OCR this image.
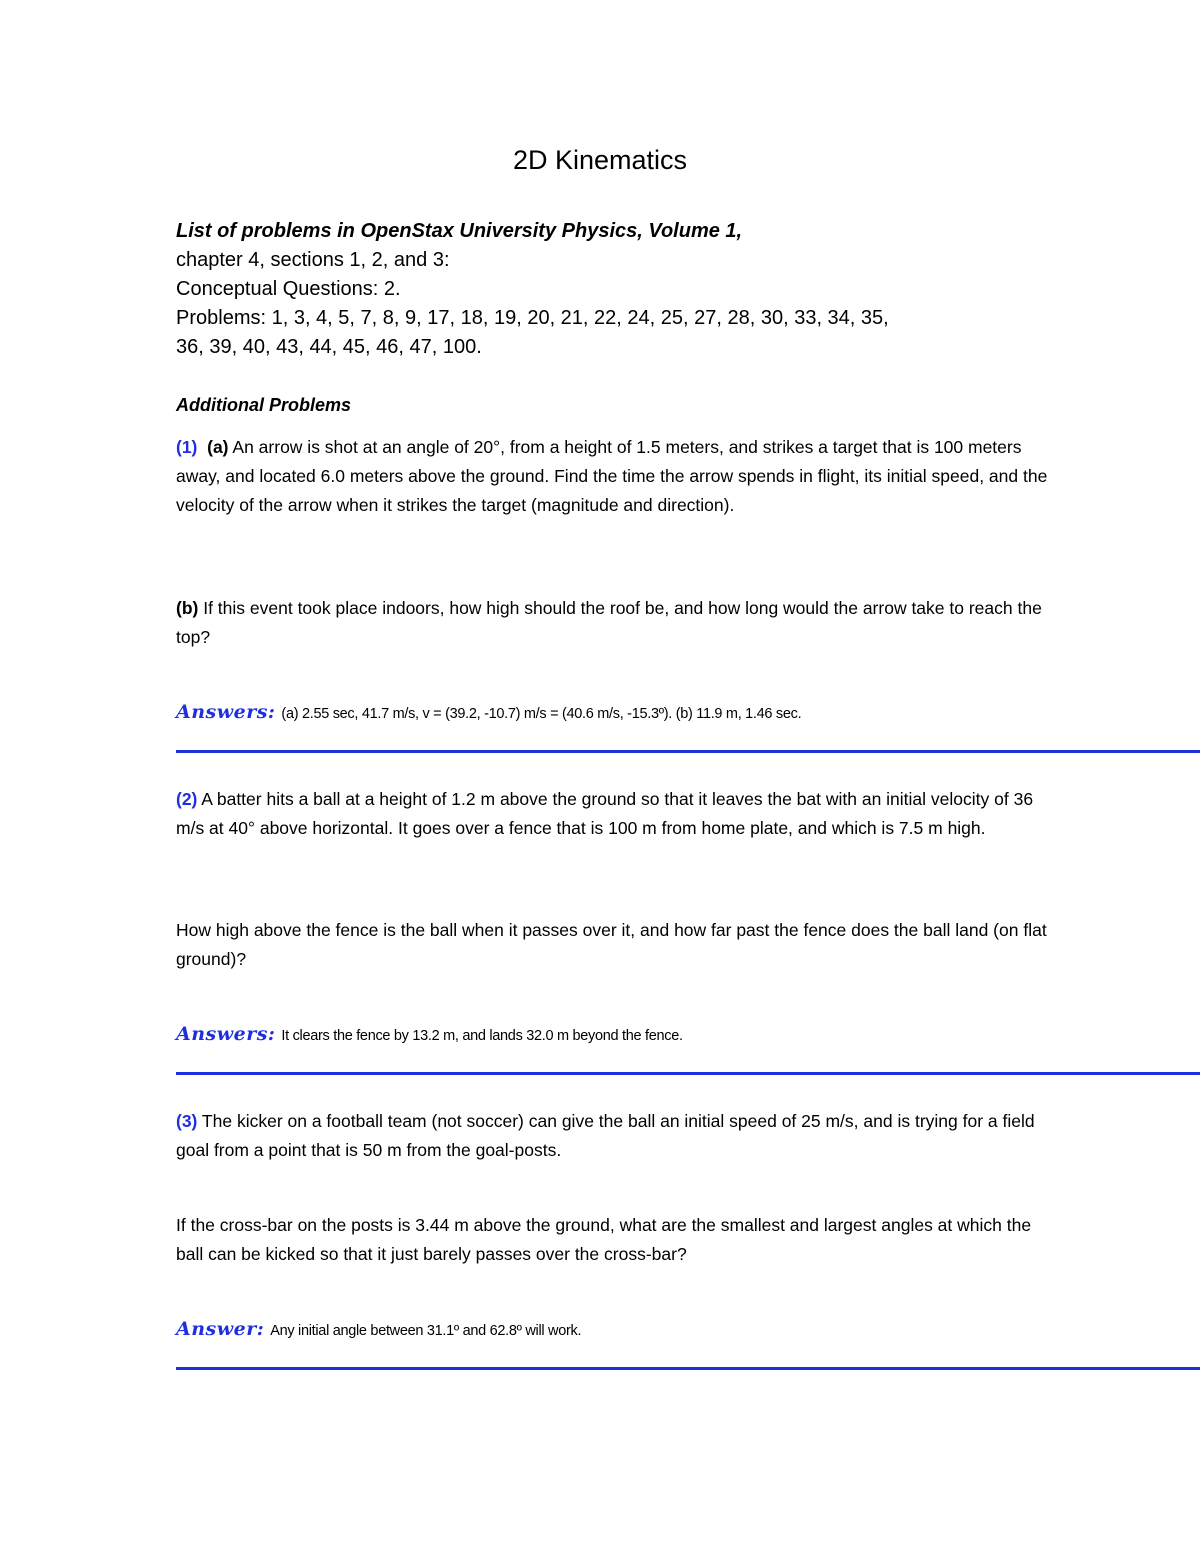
2D Kinematics
List of problems in OpenStax University Physics, Volume 1,
chapter 4, sections 1, 2, and 3:
Conceptual Questions: 2.
Problems: 1, 3, 4, 5, 7, 8, 9, 17, 18, 19, 20, 21, 22, 24, 25, 27, 28, 30, 33, 34, 35,
36, 39, 40, 43, 44, 45, 46, 47, 100.
Additional Problems
(1) (a) An arrow is shot at an angle of 20°, from a height of 1.5 meters, and strikes a target that is 100 meters away, and located 6.0 meters above the ground. Find the time the arrow spends in flight, its initial speed, and the velocity of the arrow when it strikes the target (magnitude and direction).
(b) If this event took place indoors, how high should the roof be, and how long would the arrow take to reach the top?
Answers: (a) 2.55 sec, 41.7 m/s, v = (39.2, -10.7) m/s = (40.6 m/s, -15.3º). (b) 11.9 m, 1.46 sec.
(2) A batter hits a ball at a height of 1.2 m above the ground so that it leaves the bat with an initial velocity of 36 m/s at 40° above horizontal. It goes over a fence that is 100 m from home plate, and which is 7.5 m high.
How high above the fence is the ball when it passes over it, and how far past the fence does the ball land (on flat ground)?
Answers: It clears the fence by 13.2 m, and lands 32.0 m beyond the fence.
(3) The kicker on a football team (not soccer) can give the ball an initial speed of 25 m/s, and is trying for a field goal from a point that is 50 m from the goal-posts.
If the cross-bar on the posts is 3.44 m above the ground, what are the smallest and largest angles at which the ball can be kicked so that it just barely passes over the cross-bar?
Answer: Any initial angle between 31.1º and 62.8º will work.
